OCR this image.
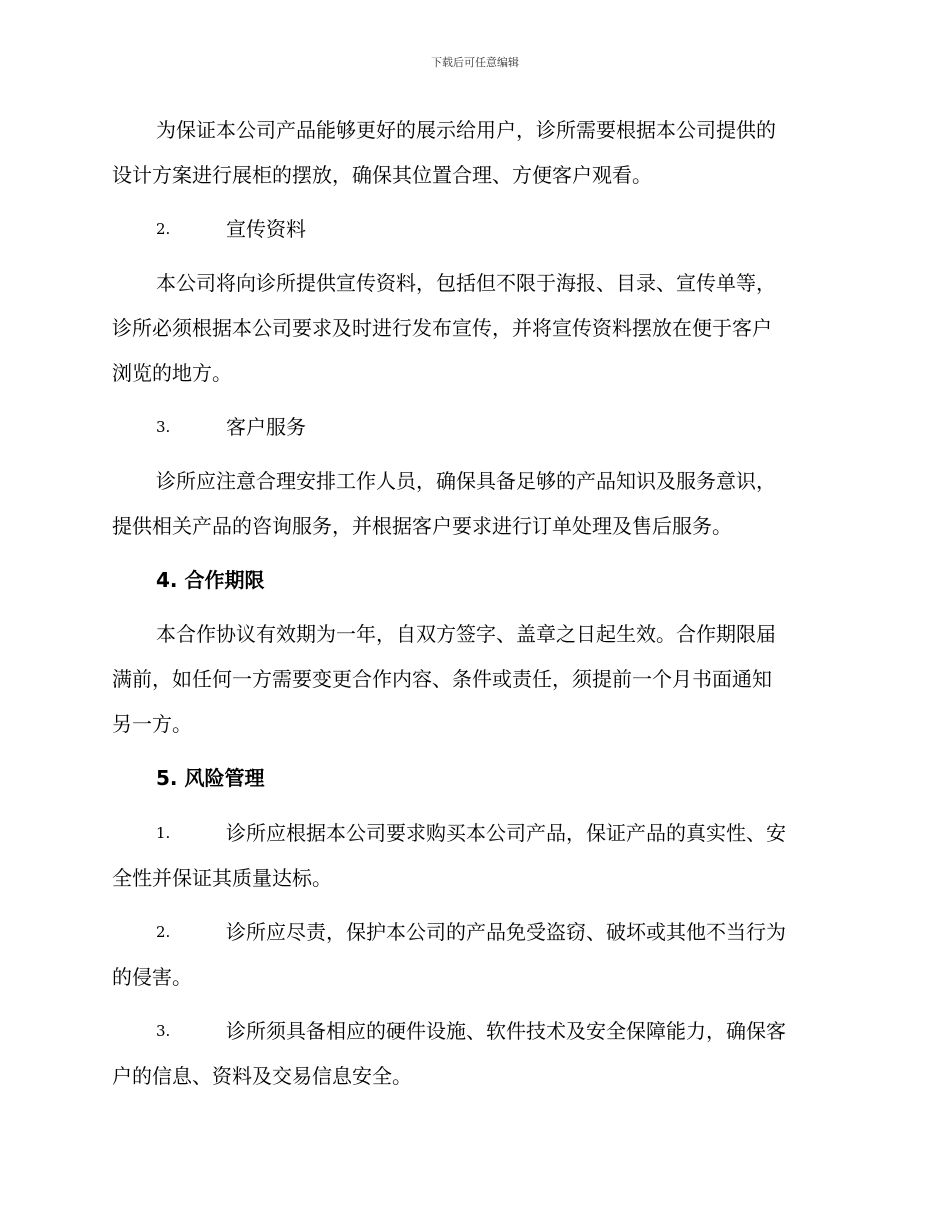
下载后可任意编辑
为保证本公司产品能够更好的展示给用户，诊所需要根据本公司提供的
设计方案进行展柜的摆放，确保其位置合理、方便客户观看。
2.	宣传资料
本公司将向诊所提供宣传资料，包括但不限于海报、目录、宣传单等，
诊所必须根据本公司要求及时进行发布宣传，并将宣传资料摆放在便于客户
浏览的地方。
3.	客户服务
诊所应注意合理安排工作人员，确保具备足够的产品知识及服务意识，
提供相关产品的咨询服务，并根据客户要求进行订单处理及售后服务。
4. 合作期限
本合作协议有效期为一年，自双方签字、盖章之日起生效。合作期限届
满前，如任何一方需要变更合作内容、条件或责任，须提前一个月书面通知
另一方。
5. 风险管理
1.	诊所应根据本公司要求购买本公司产品，保证产品的真实性、安
全性并保证其质量达标。
2.	诊所应尽责，保护本公司的产品免受盗窃、破坏或其他不当行为
的侵害。
3.	诊所须具备相应的硬件设施、软件技术及安全保障能力，确保客
户的信息、资料及交易信息安全。
